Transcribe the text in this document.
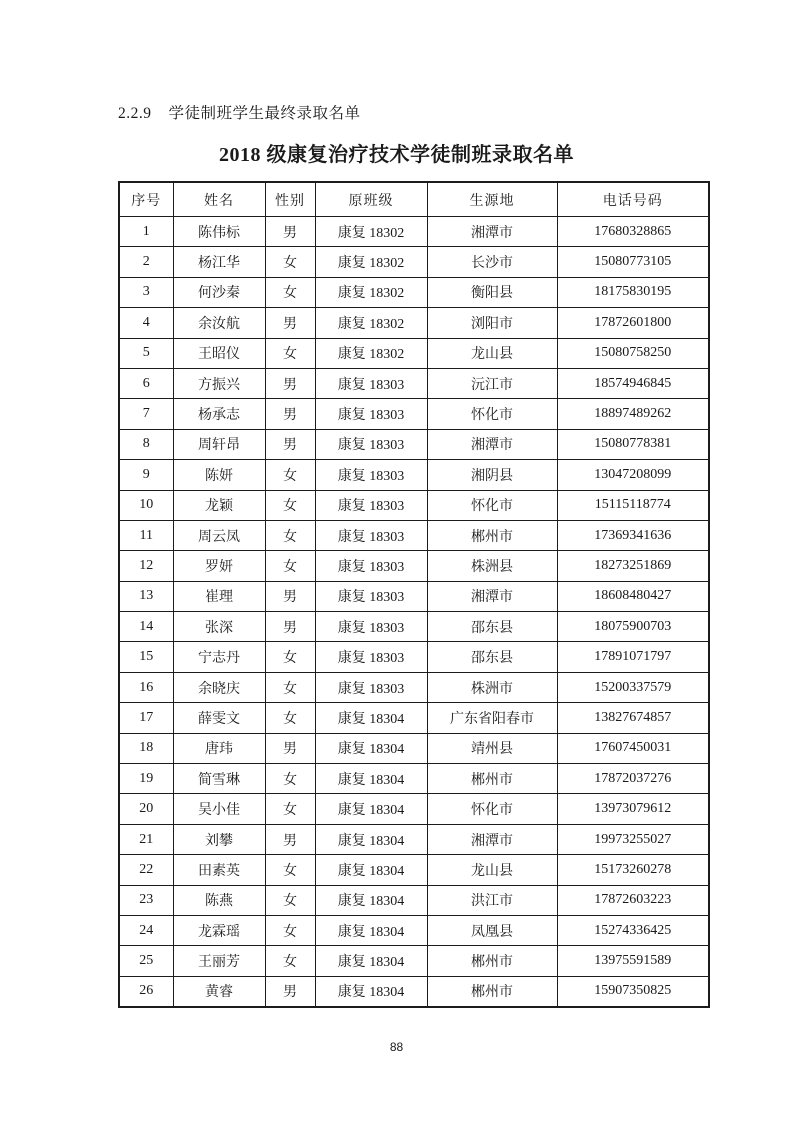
2.2.9 学徒制班学生最终录取名单
2018 级康复治疗技术学徒制班录取名单
序号	姓名	性别	原班级	生源地	电话号码
1	陈伟标	男	康复 18302	湘潭市	17680328865
2	杨江华	女	康复 18302	长沙市	15080773105
3	何沙秦	女	康复 18302	衡阳县	18175830195
4	余汝航	男	康复 18302	浏阳市	17872601800
5	王昭仪	女	康复 18302	龙山县	15080758250
6	方振兴	男	康复 18303	沅江市	18574946845
7	杨承志	男	康复 18303	怀化市	18897489262
8	周轩昂	男	康复 18303	湘潭市	15080778381
9	陈妍	女	康复 18303	湘阴县	13047208099
10	龙颖	女	康复 18303	怀化市	15115118774
11	周云凤	女	康复 18303	郴州市	17369341636
12	罗妍	女	康复 18303	株洲县	18273251869
13	崔理	男	康复 18303	湘潭市	18608480427
14	张深	男	康复 18303	邵东县	18075900703
15	宁志丹	女	康复 18303	邵东县	17891071797
16	余晓庆	女	康复 18303	株洲市	15200337579
17	薛雯文	女	康复 18304	广东省阳春市	13827674857
18	唐玮	男	康复 18304	靖州县	17607450031
19	简雪琳	女	康复 18304	郴州市	17872037276
20	吴小佳	女	康复 18304	怀化市	13973079612
21	刘攀	男	康复 18304	湘潭市	19973255027
22	田素英	女	康复 18304	龙山县	15173260278
23	陈燕	女	康复 18304	洪江市	17872603223
24	龙霖瑶	女	康复 18304	凤凰县	15274336425
25	王丽芳	女	康复 18304	郴州市	13975591589
26	黄睿	男	康复 18304	郴州市	15907350825
88
